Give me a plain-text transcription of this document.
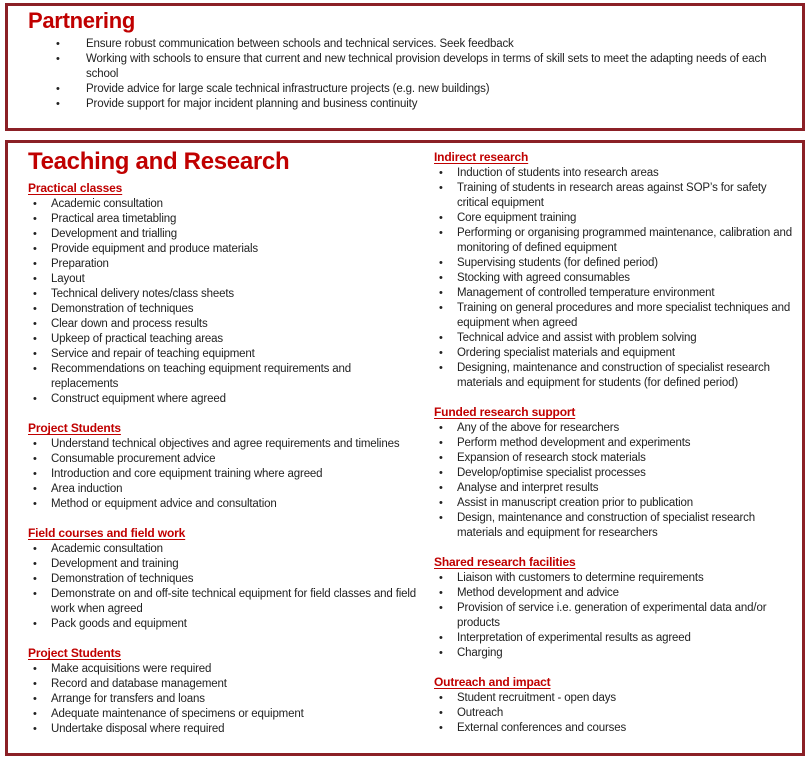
Partnering
•	Ensure robust communication between schools and technical services. Seek feedback
•	Working with schools to ensure that current and new technical provision develops in terms of skill sets to meet the adapting needs of each school
•	Provide advice for large scale technical infrastructure projects (e.g. new buildings)
•	Provide support for major incident planning and business continuity
Teaching and Research
Practical classes
•	Academic consultation
•	Practical area timetabling
•	Development and trialling
•	Provide equipment and produce materials
•	Preparation
•	Layout
•	Technical delivery notes/class sheets
•	Demonstration of techniques
•	Clear down and process results
•	Upkeep of practical teaching areas
•	Service and repair of teaching equipment
•	Recommendations on teaching equipment requirements and replacements
•	Construct equipment where agreed
Project Students
•	Understand technical objectives and agree requirements and timelines
•	Consumable procurement advice
•	Introduction and core equipment training where agreed
•	Area induction
•	Method or equipment advice and consultation
Field courses and field work
•	Academic consultation
•	Development and training
•	Demonstration of techniques
•	Demonstrate on and off-site technical equipment for field classes and field work when agreed
•	Pack goods and equipment
Project Students
•	Make acquisitions were required
•	Record and database management
•	Arrange for transfers and loans
•	Adequate maintenance of specimens or equipment
•	Undertake disposal where required
Indirect research
•	Induction of students into research areas
•	Training of students in research areas against SOP’s for safety critical equipment
•	Core equipment training
•	Performing or organising programmed maintenance, calibration and monitoring of defined equipment
•	Supervising students (for defined period)
•	Stocking with agreed consumables
•	Management of controlled temperature environment
•	Training on general procedures and more specialist techniques and equipment when agreed
•	Technical advice and assist with problem solving
•	Ordering specialist materials and equipment
•	Designing, maintenance and construction of specialist research materials and equipment for students (for defined period)
Funded research support
•	Any of the above for researchers
•	Perform method development and experiments
•	Expansion of research stock materials
•	Develop/optimise specialist processes
•	Analyse and interpret results
•	Assist in manuscript creation prior to publication
•	Design, maintenance and construction of specialist research materials and equipment for researchers
Shared research facilities
•	Liaison with customers to determine requirements
•	Method development and advice
•	Provision of service i.e. generation of experimental data and/or products
•	Interpretation of experimental results as agreed
•	Charging
Outreach and impact
•	Student recruitment - open days
•	Outreach
•	External conferences and courses
